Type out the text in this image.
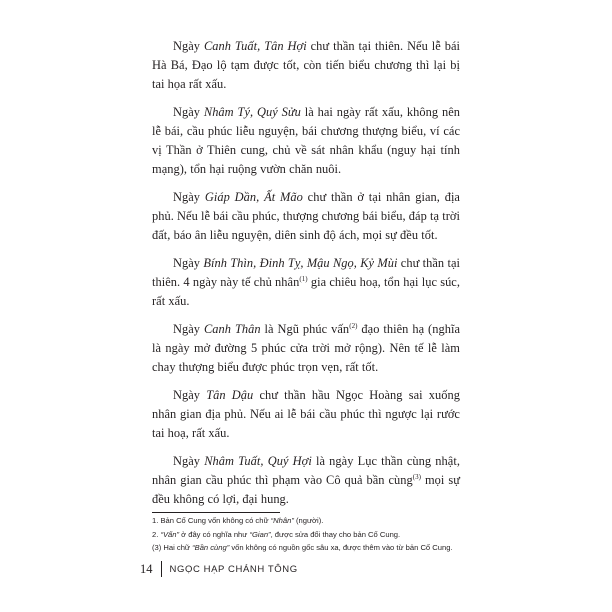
Ngày Canh Tuất, Tân Hợi chư thần tại thiên. Nếu lễ bái Hà Bá, Đạo lộ tạm được tốt, còn tiến biểu chương thì lại bị tai họa rất xấu.

Ngày Nhâm Tý, Quý Sửu là hai ngày rất xấu, không nên lễ bái, cầu phúc liễu nguyện, bái chương thượng biểu, ví các vị Thần ở Thiên cung, chủ về sát nhân khẩu (nguy hại tính mạng), tổn hại ruộng vườn chăn nuôi.

Ngày Giáp Dần, Ất Mão chư thần ở tại nhân gian, địa phủ. Nếu lễ bái cầu phúc, thượng chương bái biểu, đáp tạ trời đất, báo ân liễu nguyện, diên sinh độ ách, mọi sự đều tốt.

Ngày Bính Thìn, Đinh Tỵ, Mậu Ngọ, Kỷ Mùi chư thần tại thiên. 4 ngày này tế chủ nhân$^{(1)}$ gia chiêu hoạ, tổn hại lục súc, rất xấu.

Ngày Canh Thân là Ngũ phúc vấn$^{(2)}$ đạo thiên hạ (nghĩa là ngày mở đường 5 phúc cửa trời mở rộng). Nên tế lễ làm chay thượng biểu được phúc trọn vẹn, rất tốt.

Ngày Tân Dậu chư thần hầu Ngọc Hoàng sai xuống nhân gian địa phủ. Nếu ai lễ bái cầu phúc thì ngược lại rước tai hoạ, rất xấu.

Ngày Nhâm Tuất, Quý Hợi là ngày Lục thần cùng nhật, nhân gian cầu phúc thì phạm vào Cô quả bần cùng$^{(3)}$ mọi sự đều không có lợi, đại hung.

1. Bản Cố Cung vốn không có chữ “Nhân” (người).
2. “Vấn” ở đây có nghĩa như “Gian”, được sửa đổi thay cho bản Cố Cung.
(3) Hai chữ “Bần cùng” vốn không có nguồn gốc sâu xa, được thêm vào từ bản Cố Cung.
14 NGỌC HẠP CHÁNH TÔNG
